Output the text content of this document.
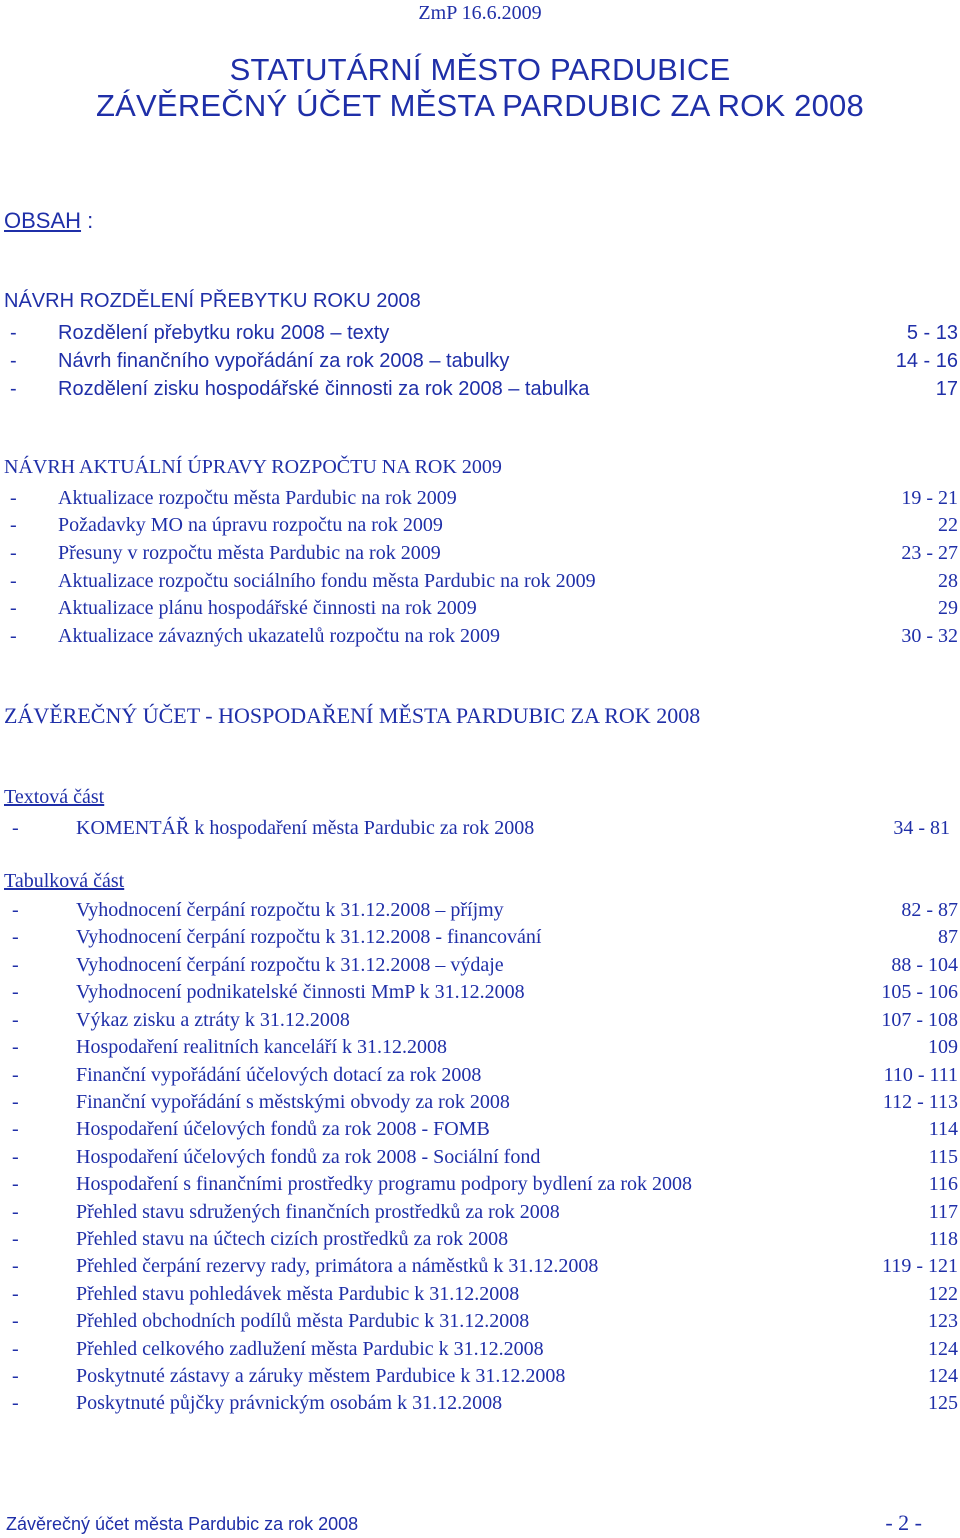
ZmP 16.6.2009
STATUTÁRNÍ MĚSTO PARDUBICE
ZÁVĚREČNÝ ÚČET MĚSTA PARDUBIC ZA ROK 2008
OBSAH :
NÁVRH ROZDĚLENÍ PŘEBYTKU ROKU 2008
- Rozdělení přebytku roku 2008 – texty	5 - 13
- Návrh finančního vypořádání za rok 2008 – tabulky	14 - 16
- Rozdělení zisku hospodářské činnosti za rok 2008 – tabulka	17
NÁVRH AKTUÁLNÍ ÚPRAVY ROZPOČTU NA ROK 2009
- Aktualizace rozpočtu města Pardubic na rok 2009	19 - 21
- Požadavky MO na úpravu rozpočtu na rok 2009	22
- Přesuny v rozpočtu města Pardubic na rok 2009	23 - 27
- Aktualizace rozpočtu sociálního fondu města Pardubic na rok 2009	28
- Aktualizace plánu hospodářské činnosti na rok 2009	29
- Aktualizace závazných ukazatelů rozpočtu na rok 2009	30 - 32
ZÁVĚREČNÝ ÚČET - HOSPODAŘENÍ MĚSTA PARDUBIC ZA ROK 2008
Textová část
-	KOMENTÁŘ k hospodaření města Pardubic za rok 2008	34 - 81
Tabulková část
-	Vyhodnocení čerpání rozpočtu k 31.12.2008 – příjmy	82 - 87
-	Vyhodnocení čerpání rozpočtu k 31.12.2008 - financování	87
-	Vyhodnocení čerpání rozpočtu k 31.12.2008 – výdaje	88 - 104
-	Vyhodnocení podnikatelské činnosti MmP k 31.12.2008	105 - 106
-	Výkaz zisku a ztráty k 31.12.2008	107 - 108
-	Hospodaření realitních kanceláří k 31.12.2008	109
-	Finanční vypořádání účelových dotací za rok 2008	110 - 111
-	Finanční vypořádání s městskými obvody za rok 2008	112 - 113
-	Hospodaření účelových fondů za rok 2008 - FOMB	114
-	Hospodaření účelových fondů za rok 2008 - Sociální fond	115
-	Hospodaření s finančními prostředky programu podpory bydlení za rok 2008	116
-	Přehled stavu sdružených finančních prostředků za rok 2008	117
-	Přehled stavu na účtech cizích prostředků za rok 2008	118
-	Přehled čerpání rezervy rady, primátora a náměstků k 31.12.2008	119 - 121
-	Přehled stavu pohledávek města Pardubic k 31.12.2008	122
-	Přehled obchodních podílů města Pardubic k 31.12.2008	123
-	Přehled celkového zadlužení města Pardubic k 31.12.2008	124
-	Poskytnuté zástavy a záruky městem Pardubice k 31.12.2008	124
-	Poskytnuté půjčky právnickým osobám k 31.12.2008	125
Závěrečný účet města Pardubic za rok 2008	- 2 -
